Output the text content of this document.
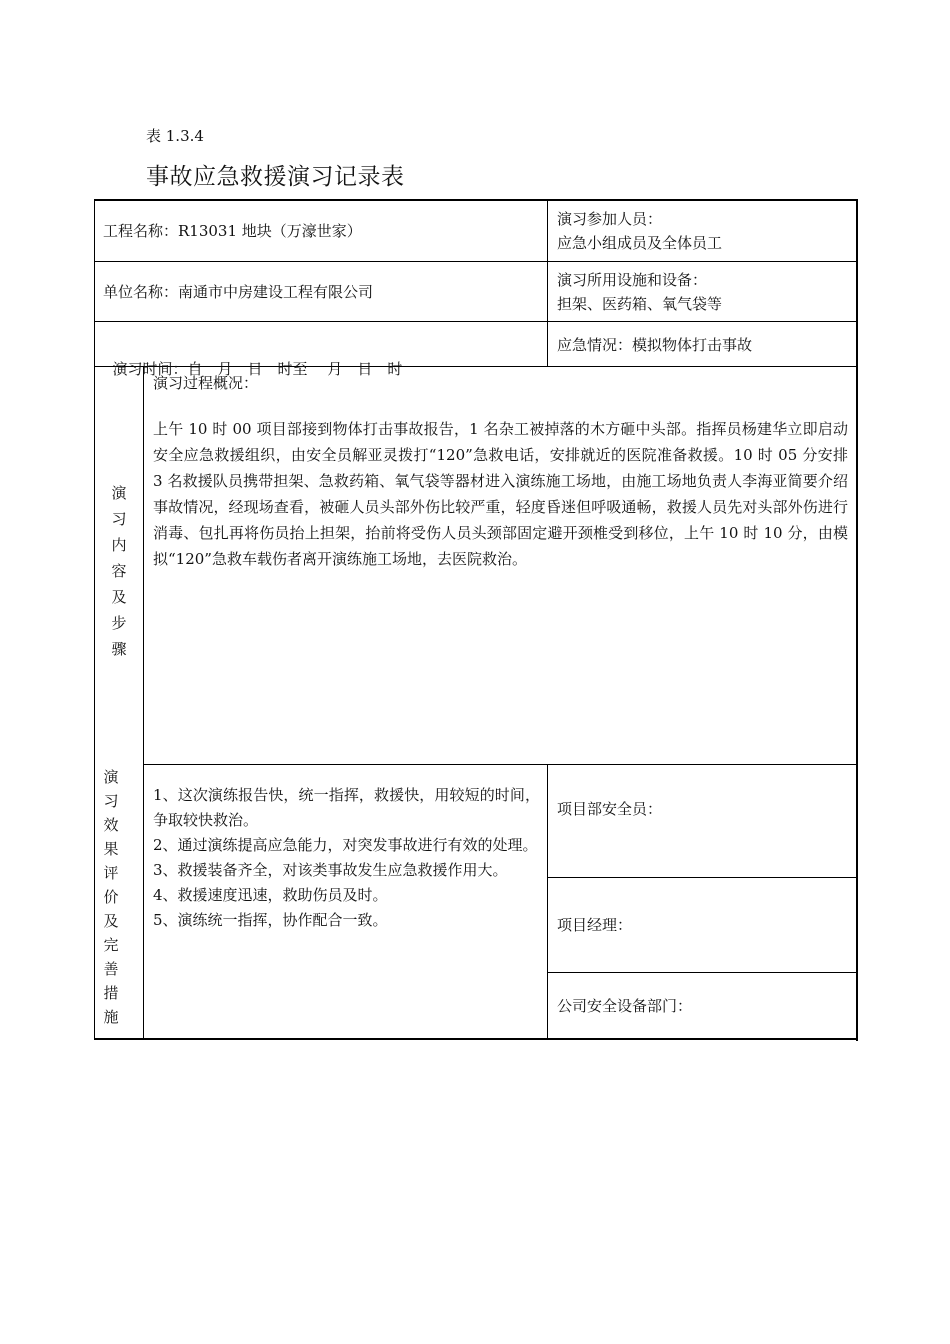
表 1.3.4
事故应急救援演习记录表
工程名称：R13031 地块（万濠世家）
演习参加人员：
应急小组成员及全体员工
单位名称：南通市中房建设工程有限公司
演习所用设施和设备：
担架、医药箱、氧气袋等

演习时间：自　月　日　时至　 月　日　时

应急情况：模拟物体打击事故
演
习
内
容
及
步
骤
演习过程概况：
上午 10 时 00 项目部接到物体打击事故报告，1 名杂工被掉落的木方砸中头部。指挥员杨建华立即启动安全应急救援组织，由安全员解亚灵拨打“120”急救电话，安排就近的医院准备救援。10 时 05 分安排 3 名救援队员携带担架、急救药箱、氧气袋等器材进入演练施工场地，由施工场地负责人李海亚简要介绍事故情况，经现场查看，被砸人员头部外伤比较严重，轻度昏迷但呼吸通畅，救援人员先对头部外伤进行消毒、包扎再将伤员抬上担架，抬前将受伤人员头颈部固定避开颈椎受到移位，上午 10 时 10 分，由模拟“120”急救车载伤者离开演练施工场地，去医院救治。
演
习
效
果
评
价
及
完
善
措
施
1、这次演练报告快，统一指挥，救援快，用较短的时间，争取较快救治。
2、通过演练提高应急能力，对突发事故进行有效的处理。
3、救援装备齐全，对该类事故发生应急救援作用大。
4、救援速度迅速，救助伤员及时。
5、演练统一指挥，协作配合一致。
项目部安全员：
项目经理：
公司安全设备部门：
